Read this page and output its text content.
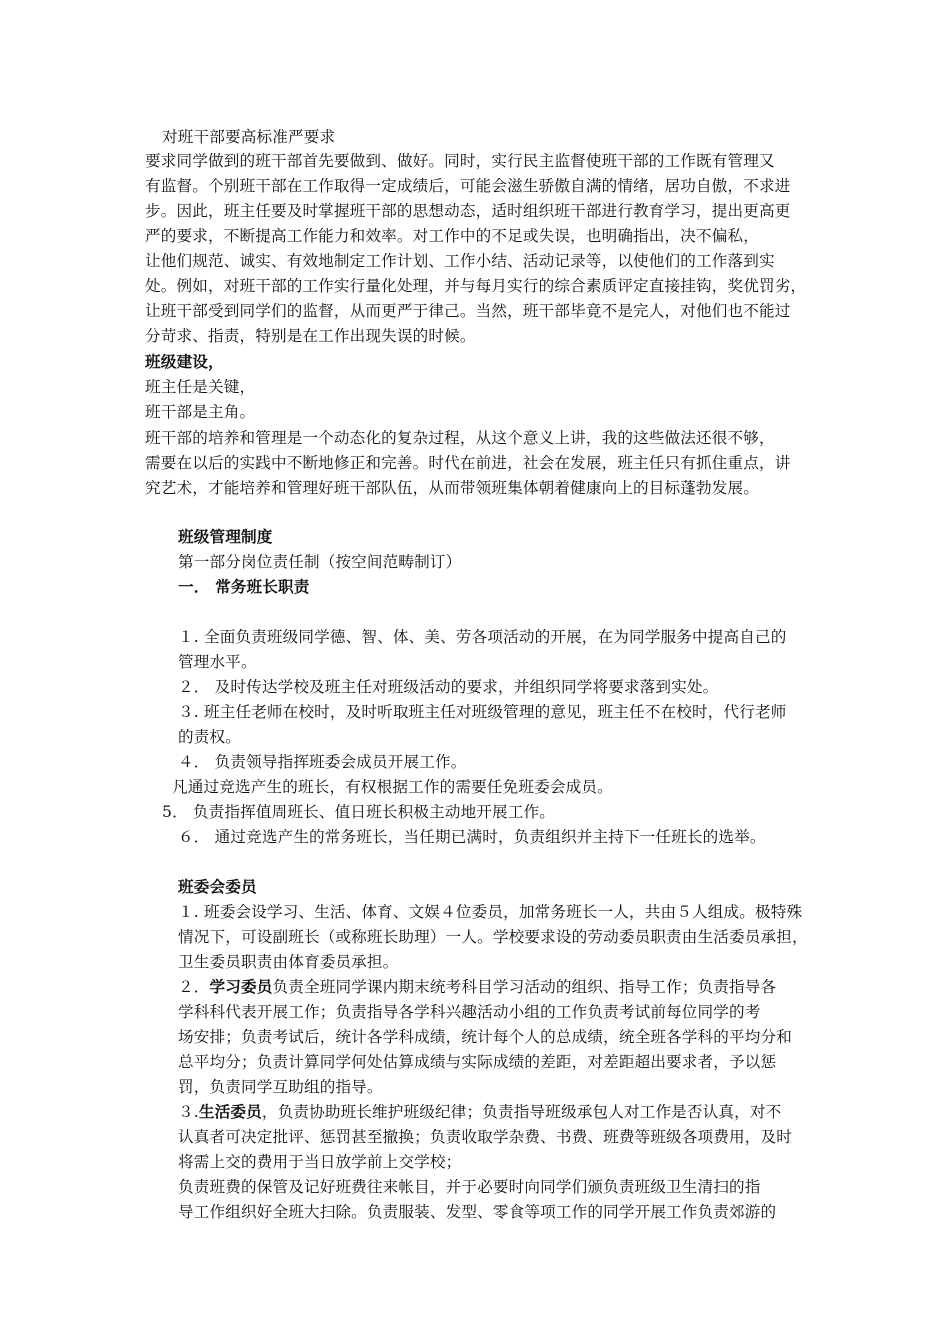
对班干部要高标准严要求
要求同学做到的班干部首先要做到、做好。同时，实行民主监督使班干部的工作既有管理又
有监督。个别班干部在工作取得一定成绩后，可能会滋生骄傲自满的情绪，居功自傲，不求进
步。因此，班主任要及时掌握班干部的思想动态，适时组织班干部进行教育学习，提出更高更
严的要求，不断提高工作能力和效率。对工作中的不足或失误，也明确指出，决不偏私，
让他们规范、诚实、有效地制定工作计划、工作小结、活动记录等，以使他们的工作落到实
处。例如，对班干部的工作实行量化处理，并与每月实行的综合素质评定直接挂钩，奖优罚劣，
让班干部受到同学们的监督，从而更严于律己。当然，班干部毕竟不是完人，对他们也不能过
分苛求、指责，特别是在工作出现失误的时候。
班级建设，
班主任是关键，
班干部是主角。
班干部的培养和管理是一个动态化的复杂过程，从这个意义上讲，我的这些做法还很不够，
需要在以后的实践中不断地修正和完善。时代在前进，社会在发展，班主任只有抓住重点，讲
究艺术，才能培养和管理好班干部队伍，从而带领班集体朝着健康向上的目标蓬勃发展。
班级管理制度
第一部分岗位责任制（按空间范畴制订）
一． 常务班长职责
１. 全面负责班级同学德、智、体、美、劳各项活动的开展，在为同学服务中提高自己的
管理水平。
２． 及时传达学校及班主任对班级活动的要求，并组织同学将要求落到实处。
３. 班主任老师在校时，及时听取班主任对班级管理的意见，班主任不在校时，代行老师
的责权。
４． 负责领导指挥班委会成员开展工作。
凡通过竞选产生的班长，有权根据工作的需要任免班委会成员。
5． 负责指挥值周班长、值日班长积极主动地开展工作。
６． 通过竞选产生的常务班长，当任期已满时，负责组织并主持下一任班长的选举。
班委会委员
１. 班委会设学习、生活、体育、文娱４位委员，加常务班长一人，共由５人组成。极特殊
情况下，可设副班长（或称班长助理）一人。学校要求设的劳动委员职责由生活委员承担，
卫生委员职责由体育委员承担。
２．学习委员负责全班同学课内期末统考科目学习活动的组织、指导工作；负责指导各
学科科代表开展工作；负责指导各学科兴趣活动小组的工作负责考试前每位同学的考
场安排；负责考试后，统计各学科成绩，统计每个人的总成绩，统全班各学科的平均分和
总平均分；负责计算同学何处估算成绩与实际成绩的差距，对差距超出要求者，予以惩
罚，负责同学互助组的指导。
３.生活委员，负责协助班长维护班级纪律；负责指导班级承包人对工作是否认真，对不
认真者可决定批评、惩罚甚至撤换；负责收取学杂费、书费、班费等班级各项费用，及时
将需上交的费用于当日放学前上交学校；
负责班费的保管及记好班费往来帐目，并于必要时向同学们颁负责班级卫生清扫的指
导工作组织好全班大扫除。负责服装、发型、零食等项工作的同学开展工作负责郊游的
